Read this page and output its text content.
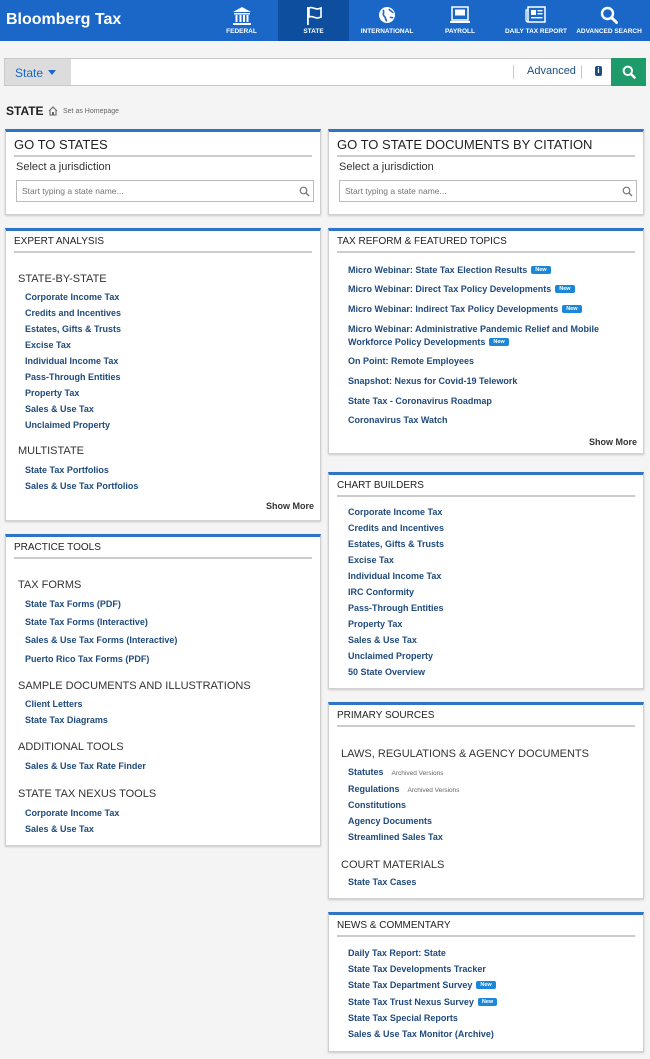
Bloomberg Tax
FEDERAL	STATE	INTERNATIONAL	PAYROLL	DAILY TAX REPORT	ADVANCED SEARCH
State	Advanced	i
STATE	Set as Homepage
GO TO STATES
Select a jurisdiction
Start typing a state name...
GO TO STATE DOCUMENTS BY CITATION
Select a jurisdiction
Start typing a state name...
EXPERT ANALYSIS
STATE-BY-STATE
Corporate Income Tax
Credits and Incentives
Estates, Gifts & Trusts
Excise Tax
Individual Income Tax
Pass-Through Entities
Property Tax
Sales & Use Tax
Unclaimed Property
MULTISTATE
State Tax Portfolios
Sales & Use Tax Portfolios
Show More
PRACTICE TOOLS
TAX FORMS
State Tax Forms (PDF)
State Tax Forms (Interactive)
Sales & Use Tax Forms (Interactive)
Puerto Rico Tax Forms (PDF)
SAMPLE DOCUMENTS AND ILLUSTRATIONS
Client Letters
State Tax Diagrams
ADDITIONAL TOOLS
Sales & Use Tax Rate Finder
STATE TAX NEXUS TOOLS
Corporate Income Tax
Sales & Use Tax
TAX REFORM & FEATURED TOPICS
Micro Webinar: State Tax Election Results New
Micro Webinar: Direct Tax Policy Developments New
Micro Webinar: Indirect Tax Policy Developments New
Micro Webinar: Administrative Pandemic Relief and Mobile
Workforce Policy Developments New
On Point: Remote Employees
Snapshot: Nexus for Covid-19 Telework
State Tax - Coronavirus Roadmap
Coronavirus Tax Watch
Show More
CHART BUILDERS
Corporate Income Tax
Credits and Incentives
Estates, Gifts & Trusts
Excise Tax
Individual Income Tax
IRC Conformity
Pass-Through Entities
Property Tax
Sales & Use Tax
Unclaimed Property
50 State Overview
PRIMARY SOURCES
LAWS, REGULATIONS & AGENCY DOCUMENTS
Statutes Archived Versions
Regulations Archived Versions
Constitutions
Agency Documents
Streamlined Sales Tax
COURT MATERIALS
State Tax Cases
NEWS & COMMENTARY
Daily Tax Report: State
State Tax Developments Tracker
State Tax Department Survey New
State Tax Trust Nexus Survey New
State Tax Special Reports
Sales & Use Tax Monitor (Archive)
